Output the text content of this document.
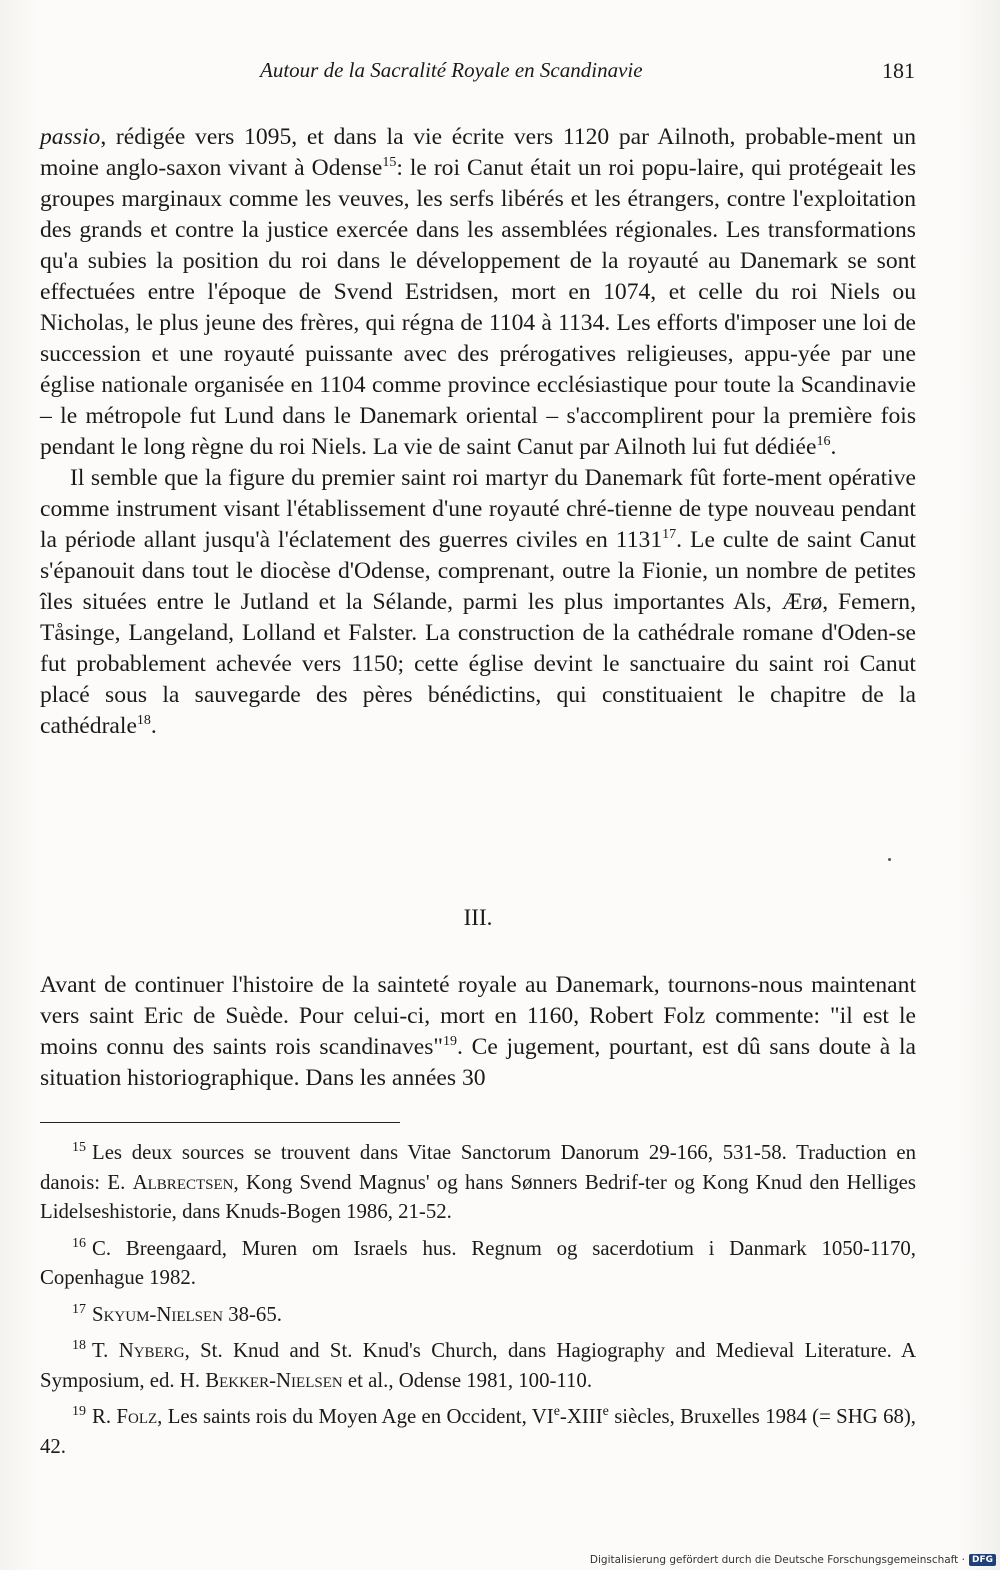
Autour de la Sacralité Royale en Scandinavie	181

passio, rédigée vers 1095, et dans la vie écrite vers 1120 par Ailnoth, probable-ment un moine anglo-saxon vivant à Odense$^{15}$: le roi Canut était un roi popu-laire, qui protégeait les groupes marginaux comme les veuves, les serfs libérés et les étrangers, contre l'exploitation des grands et contre la justice exercée dans les assemblées régionales. Les transformations qu'a subies la position du roi dans le développement de la royauté au Danemark se sont effectuées entre l'époque de Svend Estridsen, mort en 1074, et celle du roi Niels ou Nicholas, le plus jeune des frères, qui régna de 1104 à 1134. Les efforts d'imposer une loi de succession et une royauté puissante avec des prérogatives religieuses, appu-yée par une église nationale organisée en 1104 comme province ecclésiastique pour toute la Scandinavie – le métropole fut Lund dans le Danemark oriental – s'accomplirent pour la première fois pendant le long règne du roi Niels. La vie de saint Canut par Ailnoth lui fut dédiée$^{16}$.

Il semble que la figure du premier saint roi martyr du Danemark fût forte-ment opérative comme instrument visant l'établissement d'une royauté chré-tienne de type nouveau pendant la période allant jusqu'à l'éclatement des guerres civiles en 1131$^{17}$. Le culte de saint Canut s'épanouit dans tout le diocèse d'Odense, comprenant, outre la Fionie, un nombre de petites îles situées entre le Jutland et la Sélande, parmi les plus importantes Als, Ærø, Femern, Tåsinge, Langeland, Lolland et Falster. La construction de la cathédrale romane d'Oden-se fut probablement achevée vers 1150; cette église devint le sanctuaire du saint roi Canut placé sous la sauvegarde des pères bénédictins, qui constituaient le chapitre de la cathédrale$^{18}$.

III.
Avant de continuer l'histoire de la sainteté royale au Danemark, tournons-nous maintenant vers saint Eric de Suède. Pour celui-ci, mort en 1160, Robert Folz commente: "il est le moins connu des saints rois scandinaves"$^{19}$. Ce jugement, pourtant, est dû sans doute à la situation historiographique. Dans les années 30

$^{15}$ Les deux sources se trouvent dans Vitae Sanctorum Danorum 29-166, 531-58. Traduction en danois: E. Albrectsen, Kong Svend Magnus' og hans Sønners Bedrif-ter og Kong Knud den Helliges Lidelseshistorie, dans Knuds-Bogen 1986, 21-52.

$^{16}$ C. Breengaard, Muren om Israels hus. Regnum og sacerdotium i Danmark 1050-1170, Copenhague 1982.

$^{17}$ Skyum-Nielsen 38-65.

$^{18}$ T. Nyberg, St. Knud and St. Knud's Church, dans Hagiography and Medieval Literature. A Symposium, ed. H. Bekker-Nielsen et al., Odense 1981, 100-110.

$^{19}$ R. Folz, Les saints rois du Moyen Age en Occident, VIe-XIIIe siècles, Bruxelles 1984 (= SHG 68), 42.

Digitalisierung gefördert durch die Deutsche Forschungsgemeinschaft · DFG
